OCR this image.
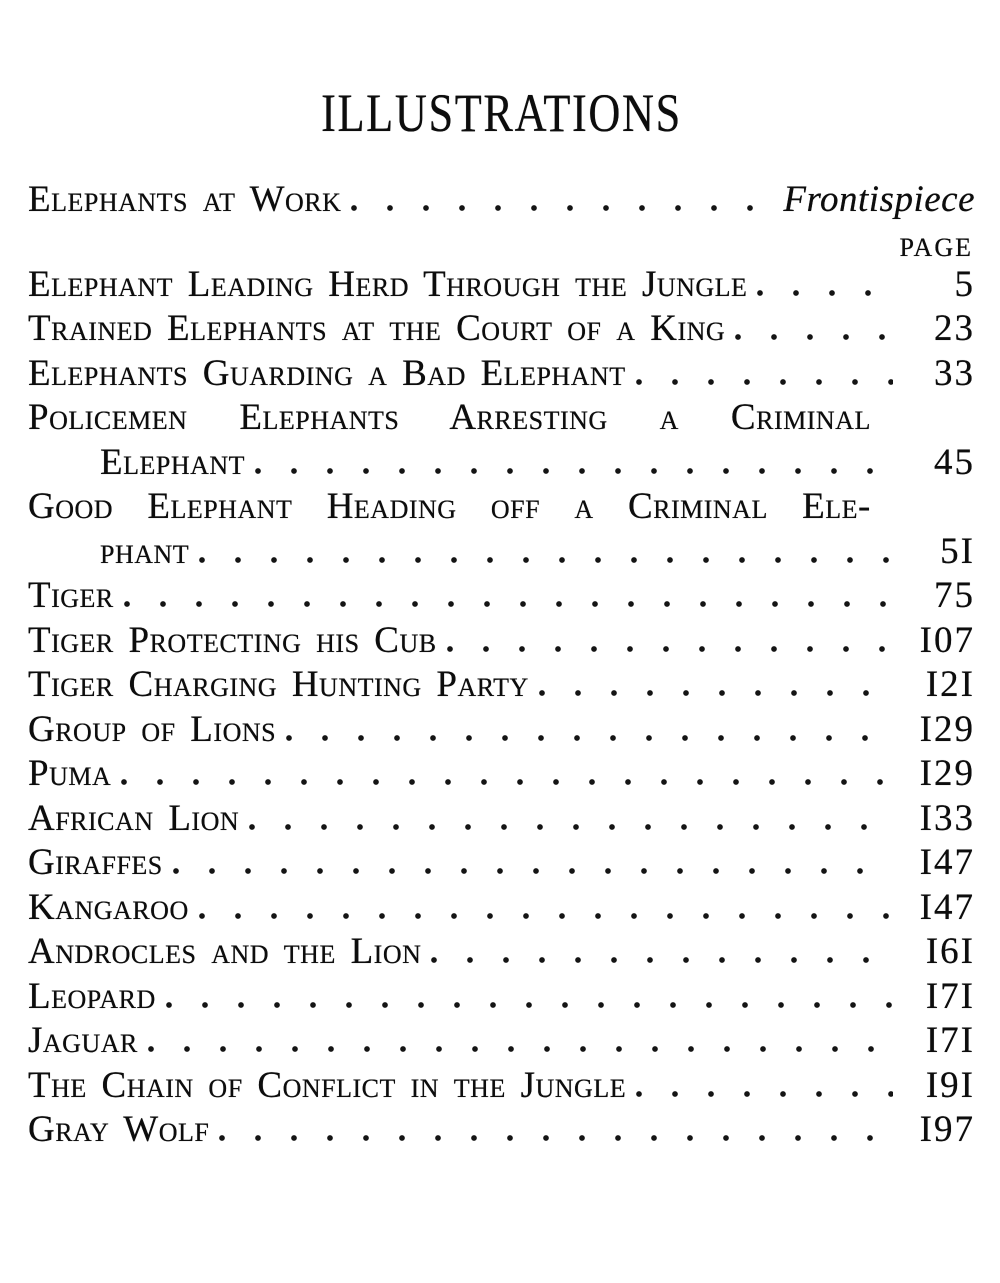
ILLUSTRATIONS
Elephants at Work	Frontispiece
PAGE
Elephant Leading Herd Through the Jungle	5
Trained Elephants at the Court of a King	23
Elephants Guarding a Bad Elephant	33
Policemen Elephants Arresting a Criminal
Elephant	45
Good Elephant Heading off a Criminal Ele-
phant	5I
Tiger	75
Tiger Protecting his Cub	I07
Tiger Charging Hunting Party	I2I
Group of Lions	I29
Puma	I29
African Lion	I33
Giraffes	I47
Kangaroo	I47
Androcles and the Lion	I6I
Leopard	I7I
Jaguar	I7I
The Chain of Conflict in the Jungle	I9I
Gray Wolf	I97
